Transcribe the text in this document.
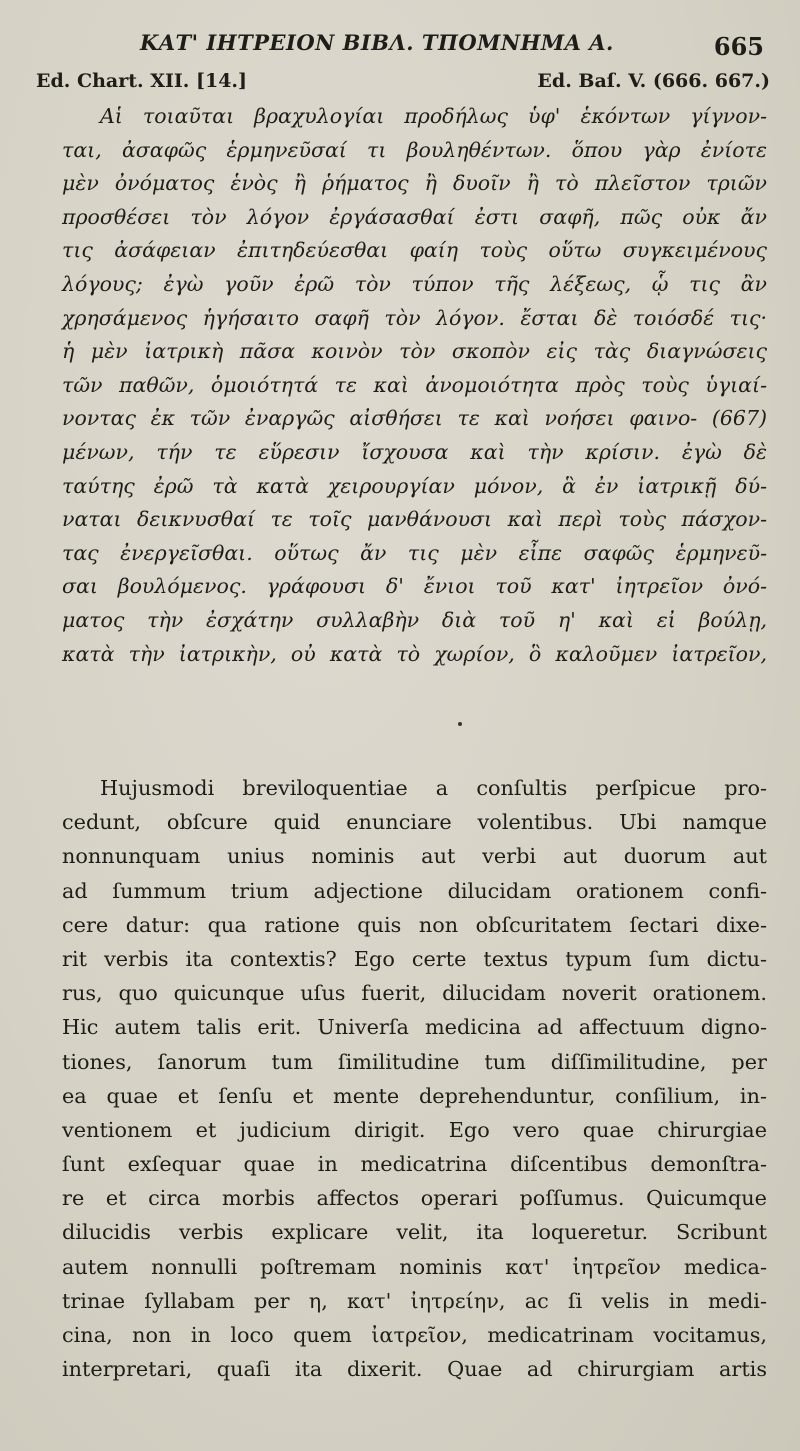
ΚΑΤ' ΙΗΤΡΕΙΟΝ ΒΙΒΛ. ΤΠΟΜΝΗΜΑ Α.	665
Ed. Chart. XII. [14.]	Ed. Baſ. V. (666. 667.)
Αἱ τοιαῦται βραχυλογίαι προδήλως ὑφ' ἑκόντων γίγνον-
ται, ἀσαφῶς ἑρμηνεῦσαί τι βουληθέντων. ὅπου γὰρ ἐνίοτε
μὲν ὀνόματος ἑνὸς ἢ ῥήματος ἢ δυοῖν ἢ τὸ πλεῖστον τριῶν
προσθέσει τὸν λόγον ἐργάσασθαί ἐστι σαφῆ, πῶς οὐκ ἄν
τις ἀσάφειαν ἐπιτηδεύεσθαι φαίη τοὺς οὕτω συγκειμένους
λόγους; ἐγὼ γοῦν ἐρῶ τὸν τύπον τῆς λέξεως, ᾧ τις ἂν
χρησάμενος ἡγήσαιτο σαφῆ τὸν λόγον. ἔσται δὲ τοιόσδέ τις·
ἡ μὲν ἰατρικὴ πᾶσα κοινὸν τὸν σκοπὸν εἰς τὰς διαγνώσεις
τῶν παθῶν, ὁμοιότητά τε καὶ ἀνομοιότητα πρὸς τοὺς ὑγιαί-
νοντας ἐκ τῶν ἐναργῶς αἰσθήσει τε καὶ νοήσει φαινο- (667)
μένων, τήν τε εὕρεσιν ἴσχουσα καὶ τὴν κρίσιν. ἐγὼ δὲ
ταύτης ἐρῶ τὰ κατὰ χειρουργίαν μόνον, ἃ ἐν ἰατρικῇ δύ-
ναται δεικνυσθαί τε τοῖς μανθάνουσι καὶ περὶ τοὺς πάσχον-
τας ἐνεργεῖσθαι. οὕτως ἄν τις μὲν εἶπε σαφῶς ἑρμηνεῦ-
σαι βουλόμενος. γράφουσι δ' ἔνιοι τοῦ κατ' ἰητρεῖον ὀνό-
ματος τὴν ἐσχάτην συλλαβὴν διὰ τοῦ η' καὶ εἰ βούλῃ,
κατὰ τὴν ἰατρικὴν, οὐ κατὰ τὸ χωρίον, ὃ καλοῦμεν ἰατρεῖον,
Hujusmodi breviloquentiae a conſultis perſpicue pro-
cedunt, obſcure quid enunciare volentibus. Ubi namque
nonnunquam unius nominis aut verbi aut duorum aut
ad ſummum trium adjectione dilucidam orationem confi-
cere datur: qua ratione quis non obſcuritatem ſectari dixe-
rit verbis ita contextis? Ego certe textus typum ſum dictu-
rus, quo quicunque uſus fuerit, dilucidam noverit orationem.
Hic autem talis erit. Univerſa medicina ad affectuum digno-
tiones, ſanorum tum ſimilitudine tum diſſimilitudine, per
ea quae et ſenſu et mente deprehenduntur, conſilium, in-
ventionem et judicium dirigit. Ego vero quae chirurgiae
ſunt exſequar quae in medicatrina diſcentibus demonſtra-
re et circa morbis affectos operari poſſumus. Quicumque
dilucidis verbis explicare velit, ita loqueretur. Scribunt
autem nonnulli poſtremam nominis κατ' ἰητρεῖον medica-
trinae ſyllabam per η, κατ' ἰητρείην, ac ſi velis in medi-
cina, non in loco quem ἰατρεῖον, medicatrinam vocitamus,
interpretari, quaſi ita dixerit. Quae ad chirurgiam artis
